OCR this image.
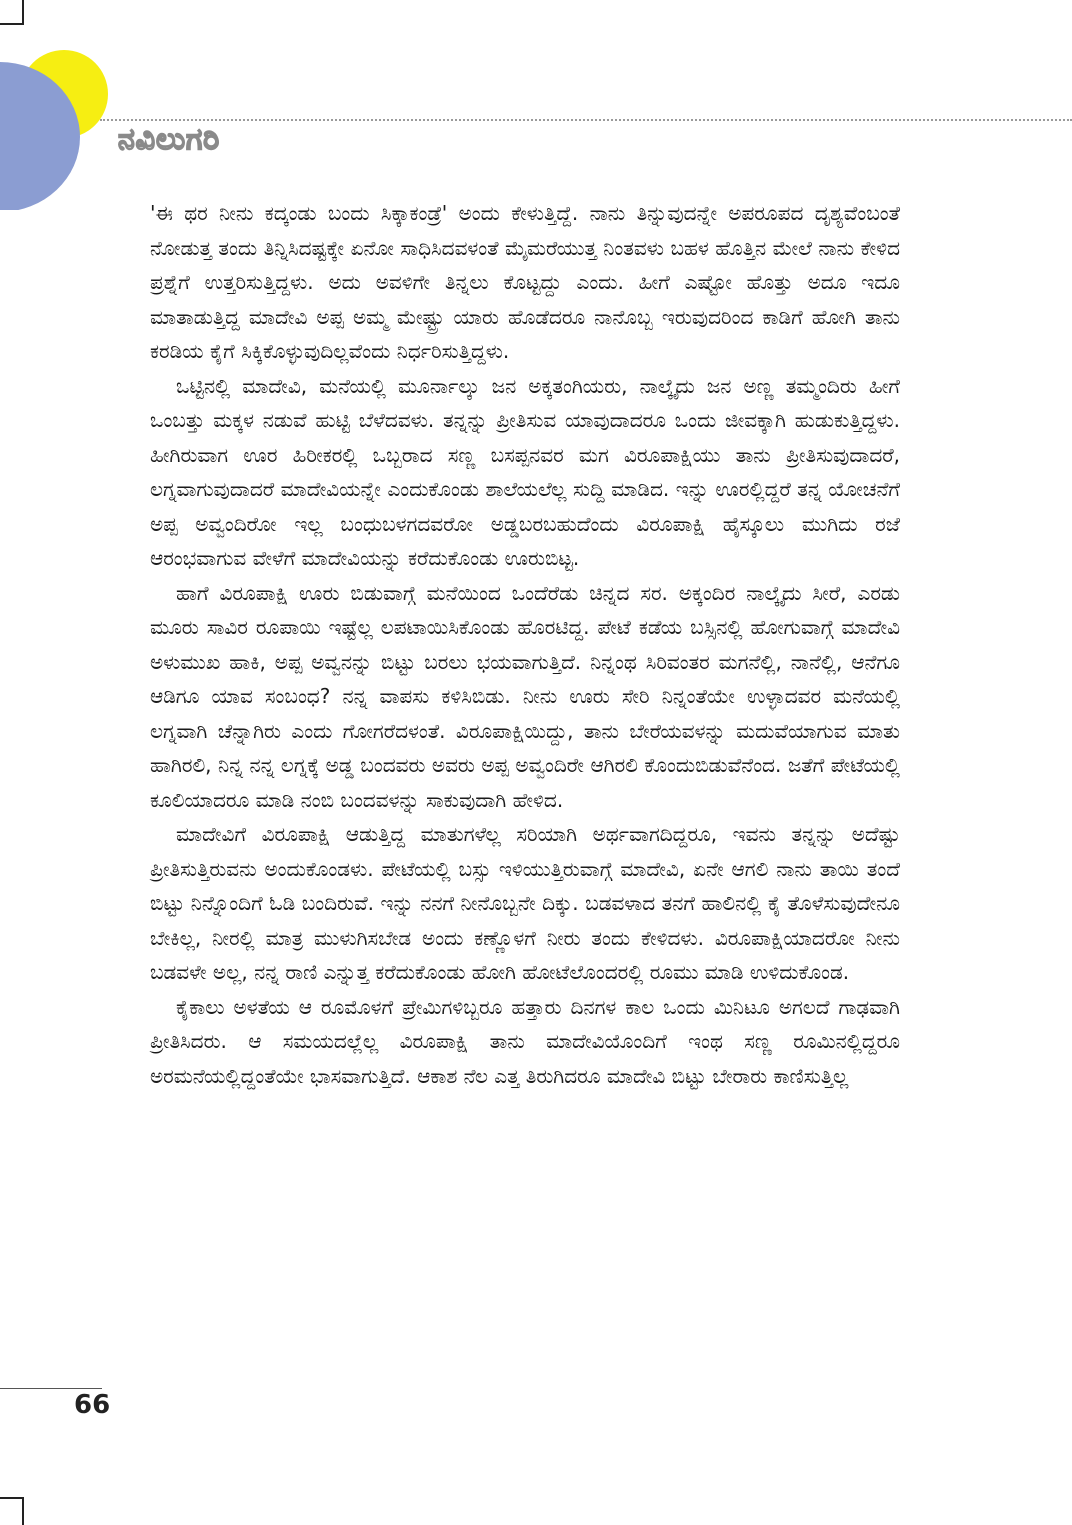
ನವಿಲುಗರಿ

'ಈ ಥರ ನೀನು ಕದ್ಕಂಡು ಬಂದು ಸಿಕ್ಕಾಕಂಡ್ರೆ' ಅಂದು ಕೇಳುತ್ತಿದ್ದೆ. ನಾನು ತಿನ್ನುವುದನ್ನೇ ಅಪರೂಪದ ದೃಶ್ಯವೆಂಬಂತೆ ನೋಡುತ್ತ ತಂದು ತಿನ್ನಿಸಿದಷ್ಟಕ್ಕೇ ಏನೋ ಸಾಧಿಸಿದವಳಂತೆ ಮೈಮರೆಯುತ್ತ ನಿಂತವಳು ಬಹಳ ಹೊತ್ತಿನ ಮೇಲೆ ನಾನು ಕೇಳಿದ ಪ್ರಶ್ನೆಗೆ ಉತ್ತರಿಸುತ್ತಿದ್ದಳು. ಅದು ಅವಳಿಗೇ ತಿನ್ನಲು ಕೊಟ್ಟದ್ದು ಎಂದು. ಹೀಗೆ ಎಷ್ಟೋ ಹೊತ್ತು ಅದೂ ಇದೂ ಮಾತಾಡುತ್ತಿದ್ದ ಮಾದೇವಿ ಅಪ್ಪ ಅಮ್ಮ ಮೇಷ್ಟ್ರು ಯಾರು ಹೊಡೆದರೂ ನಾನೊಬ್ಬ ಇರುವುದರಿಂದ ಕಾಡಿಗೆ ಹೋಗಿ ತಾನು ಕರಡಿಯ ಕೈಗೆ ಸಿಕ್ಕಿಕೊಳ್ಳುವುದಿಲ್ಲವೆಂದು ನಿರ್ಧರಿಸುತ್ತಿದ್ದಳು.

ಒಟ್ಟಿನಲ್ಲಿ ಮಾದೇವಿ, ಮನೆಯಲ್ಲಿ ಮೂರ್ನಾಲ್ಕು ಜನ ಅಕ್ಕತಂಗಿಯರು, ನಾಲ್ಕೈದು ಜನ ಅಣ್ಣ ತಮ್ಮಂದಿರು ಹೀಗೆ ಒಂಬತ್ತು ಮಕ್ಕಳ ನಡುವೆ ಹುಟ್ಟಿ ಬೆಳೆದವಳು. ತನ್ನನ್ನು ಪ್ರೀತಿಸುವ ಯಾವುದಾದರೂ ಒಂದು ಜೀವಕ್ಕಾಗಿ ಹುಡುಕುತ್ತಿದ್ದಳು. ಹೀಗಿರುವಾಗ ಊರ ಹಿರೀಕರಲ್ಲಿ ಒಬ್ಬರಾದ ಸಣ್ಣ ಬಸಪ್ಪನವರ ಮಗ ವಿರೂಪಾಕ್ಷಿಯು ತಾನು ಪ್ರೀತಿಸುವುದಾದರೆ, ಲಗ್ನವಾಗುವುದಾದರೆ ಮಾದೇವಿಯನ್ನೇ ಎಂದುಕೊಂಡು ಶಾಲೆಯಲೆಲ್ಲ ಸುದ್ದಿ ಮಾಡಿದ. ಇನ್ನು ಊರಲ್ಲಿದ್ದರೆ ತನ್ನ ಯೋಚನೆಗೆ ಅಪ್ಪ ಅವ್ವಂದಿರೋ ಇಲ್ಲ ಬಂಧುಬಳಗದವರೋ ಅಡ್ಡಬರಬಹುದೆಂದು ವಿರೂಪಾಕ್ಷಿ ಹೈಸ್ಕೂಲು ಮುಗಿದು ರಜೆ ಆರಂಭವಾಗುವ ವೇಳೆಗೆ ಮಾದೇವಿಯನ್ನು ಕರೆದುಕೊಂಡು ಊರುಬಿಟ್ಟ.

ಹಾಗೆ ವಿರೂಪಾಕ್ಷಿ ಊರು ಬಿಡುವಾಗ್ಗೆ ಮನೆಯಿಂದ ಒಂದೆರೆಡು ಚಿನ್ನದ ಸರ. ಅಕ್ಕಂದಿರ ನಾಲ್ಕೈದು ಸೀರೆ, ಎರಡು ಮೂರು ಸಾವಿರ ರೂಪಾಯಿ ಇಷ್ಟೆಲ್ಲ ಲಪಟಾಯಿಸಿಕೊಂಡು ಹೊರಟಿದ್ದ. ಪೇಟೆ ಕಡೆಯ ಬಸ್ಸಿನಲ್ಲಿ ಹೋಗುವಾಗ್ಗೆ ಮಾದೇವಿ ಅಳುಮುಖ ಹಾಕಿ, ಅಪ್ಪ ಅವ್ವನನ್ನು ಬಿಟ್ಟು ಬರಲು ಭಯವಾಗುತ್ತಿದೆ. ನಿನ್ನಂಥ ಸಿರಿವಂತರ ಮಗನೆಲ್ಲಿ, ನಾನೆಲ್ಲಿ, ಆನೆಗೂ ಆಡಿಗೂ ಯಾವ ಸಂಬಂಧ? ನನ್ನ ವಾಪಸು ಕಳಿಸಿಬಿಡು. ನೀನು ಊರು ಸೇರಿ ನಿನ್ನಂತೆಯೇ ಉಳ್ಳಾದವರ ಮನೆಯಲ್ಲಿ ಲಗ್ನವಾಗಿ ಚೆನ್ನಾಗಿರು ಎಂದು ಗೋಗರೆದಳಂತೆ. ವಿರೂಪಾಕ್ಷಿಯಿದ್ದು, ತಾನು ಬೇರೆಯವಳನ್ನು ಮದುವೆಯಾಗುವ ಮಾತು ಹಾಗಿರಲಿ, ನಿನ್ನ ನನ್ನ ಲಗ್ನಕ್ಕೆ ಅಡ್ಡ ಬಂದವರು ಅವರು ಅಪ್ಪ ಅವ್ವಂದಿರೇ ಆಗಿರಲಿ ಕೊಂದುಬಿಡುವೆನೆಂದ. ಜತೆಗೆ ಪೇಟೆಯಲ್ಲಿ ಕೂಲಿಯಾದರೂ ಮಾಡಿ ನಂಬಿ ಬಂದವಳನ್ನು ಸಾಕುವುದಾಗಿ ಹೇಳಿದ.

ಮಾದೇವಿಗೆ ವಿರೂಪಾಕ್ಷಿ ಆಡುತ್ತಿದ್ದ ಮಾತುಗಳೆಲ್ಲ ಸರಿಯಾಗಿ ಅರ್ಥವಾಗದಿದ್ದರೂ, ಇವನು ತನ್ನನ್ನು ಅದೆಷ್ಟು ಪ್ರೀತಿಸುತ್ತಿರುವನು ಅಂದುಕೊಂಡಳು. ಪೇಟೆಯಲ್ಲಿ ಬಸ್ಸು ಇಳಿಯುತ್ತಿರುವಾಗ್ಗೆ ಮಾದೇವಿ, ಏನೇ ಆಗಲಿ ನಾನು ತಾಯಿ ತಂದೆ ಬಿಟ್ಟು ನಿನ್ನೊಂದಿಗೆ ಓಡಿ ಬಂದಿರುವೆ. ಇನ್ನು ನನಗೆ ನೀನೊಬ್ಬನೇ ದಿಕ್ಕು. ಬಡವಳಾದ ತನಗೆ ಹಾಲಿನಲ್ಲಿ ಕೈ ತೊಳೆಸುವುದೇನೂ ಬೇಕಿಲ್ಲ, ನೀರಲ್ಲಿ ಮಾತ್ರ ಮುಳುಗಿಸಬೇಡ ಅಂದು ಕಣ್ಣೊಳಗೆ ನೀರು ತಂದು ಕೇಳಿದಳು. ವಿರೂಪಾಕ್ಷಿಯಾದರೋ ನೀನು ಬಡವಳೇ ಅಲ್ಲ, ನನ್ನ ರಾಣಿ ಎನ್ನುತ್ತ ಕರೆದುಕೊಂಡು ಹೋಗಿ ಹೋಟೆಲೊಂದರಲ್ಲಿ ರೂಮು ಮಾಡಿ ಉಳಿದುಕೊಂಡ.

ಕೈಕಾಲು ಅಳತೆಯ ಆ ರೂಮೊಳಗೆ ಪ್ರೇಮಿಗಳಿಬ್ಬರೂ ಹತ್ತಾರು ದಿನಗಳ ಕಾಲ ಒಂದು ಮಿನಿಟೂ ಅಗಲದೆ ಗಾಢವಾಗಿ ಪ್ರೀತಿಸಿದರು. ಆ ಸಮಯದಲ್ಲೆಲ್ಲ ವಿರೂಪಾಕ್ಷಿ ತಾನು ಮಾದೇವಿಯೊಂದಿಗೆ ಇಂಥ ಸಣ್ಣ ರೂಮಿನಲ್ಲಿದ್ದರೂ ಅರಮನೆಯಲ್ಲಿದ್ದಂತೆಯೇ ಭಾಸವಾಗುತ್ತಿದೆ. ಆಕಾಶ ನೆಲ ಎತ್ತ ತಿರುಗಿದರೂ ಮಾದೇವಿ ಬಿಟ್ಟು ಬೇರಾರು ಕಾಣಿಸುತ್ತಿಲ್ಲ

66
